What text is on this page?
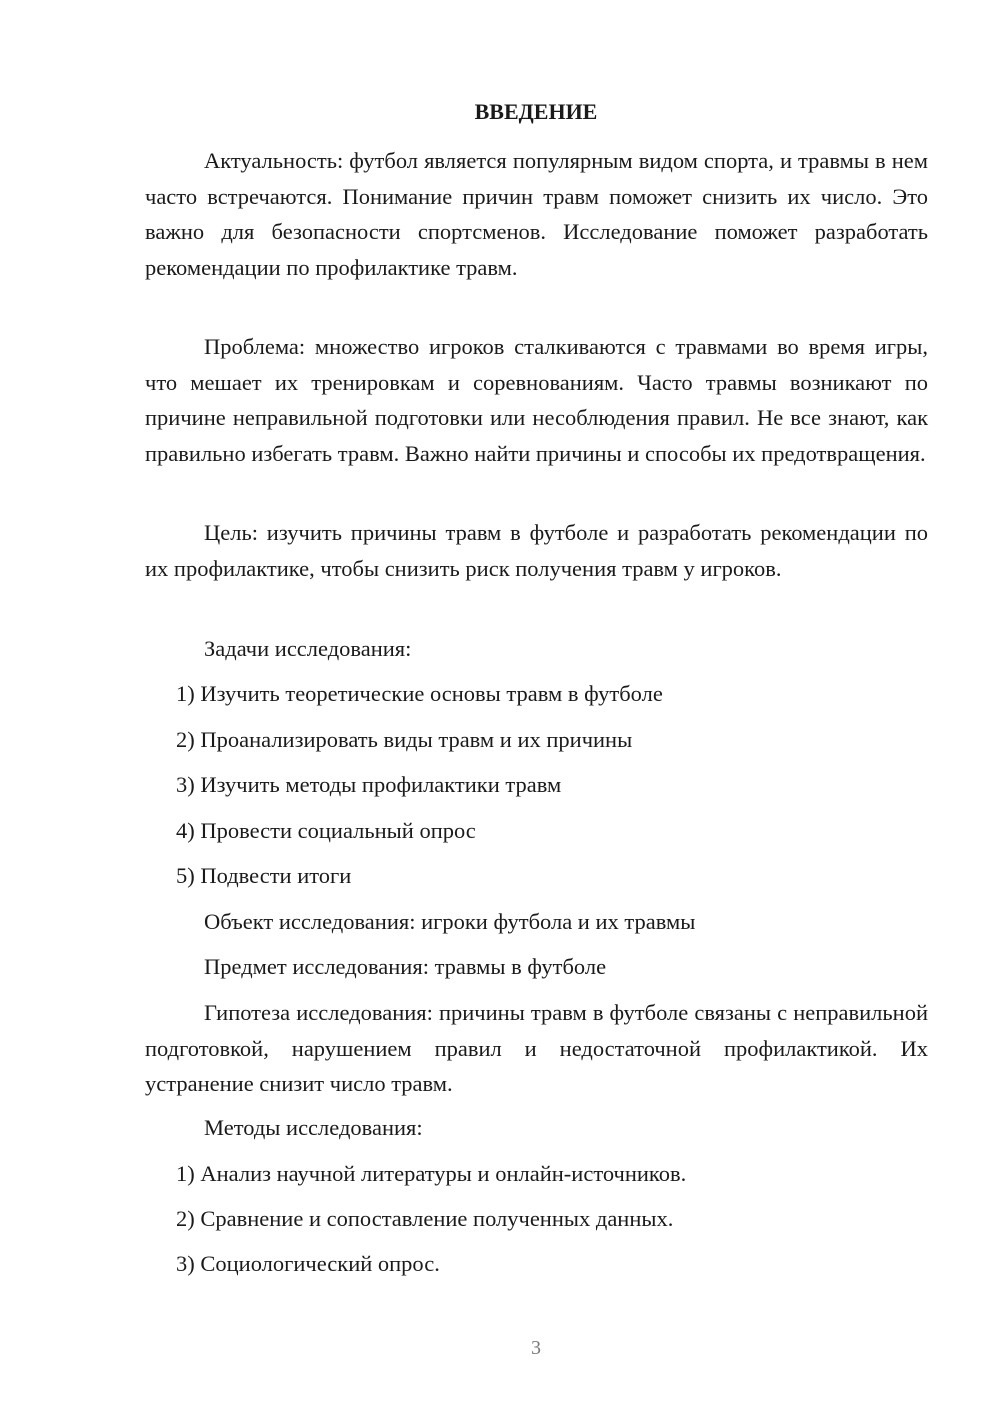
ВВЕДЕНИЕ

Актуальность: футбол является популярным видом спорта, и травмы в нем часто встречаются. Понимание причин травм поможет снизить их число. Это важно для безопасности спортсменов. Исследование поможет разработать рекомендации по профилактике травм.

Проблема: множество игроков сталкиваются с травмами во время игры, что мешает их тренировкам и соревнованиям. Часто травмы возникают по причине неправильной подготовки или несоблюдения правил. Не все знают, как правильно избегать травм. Важно найти причины и способы их предотвращения.

Цель: изучить причины травм в футболе и разработать рекомендации по их профилактике, чтобы снизить риск получения травм у игроков.

Задачи исследования:

1) Изучить теоретические основы травм в футболе

2) Проанализировать виды травм и их причины

3) Изучить методы профилактики травм

4) Провести социальный опрос

5) Подвести итоги

Объект исследования: игроки футбола и их травмы

Предмет исследования: травмы в футболе

Гипотеза исследования: причины травм в футболе связаны с неправильной подготовкой, нарушением правил и недостаточной профилактикой. Их устранение снизит число травм.

Методы исследования:

1) Анализ научной литературы и онлайн-источников.

2) Сравнение и сопоставление полученных данных.

3) Социологический опрос.

3
